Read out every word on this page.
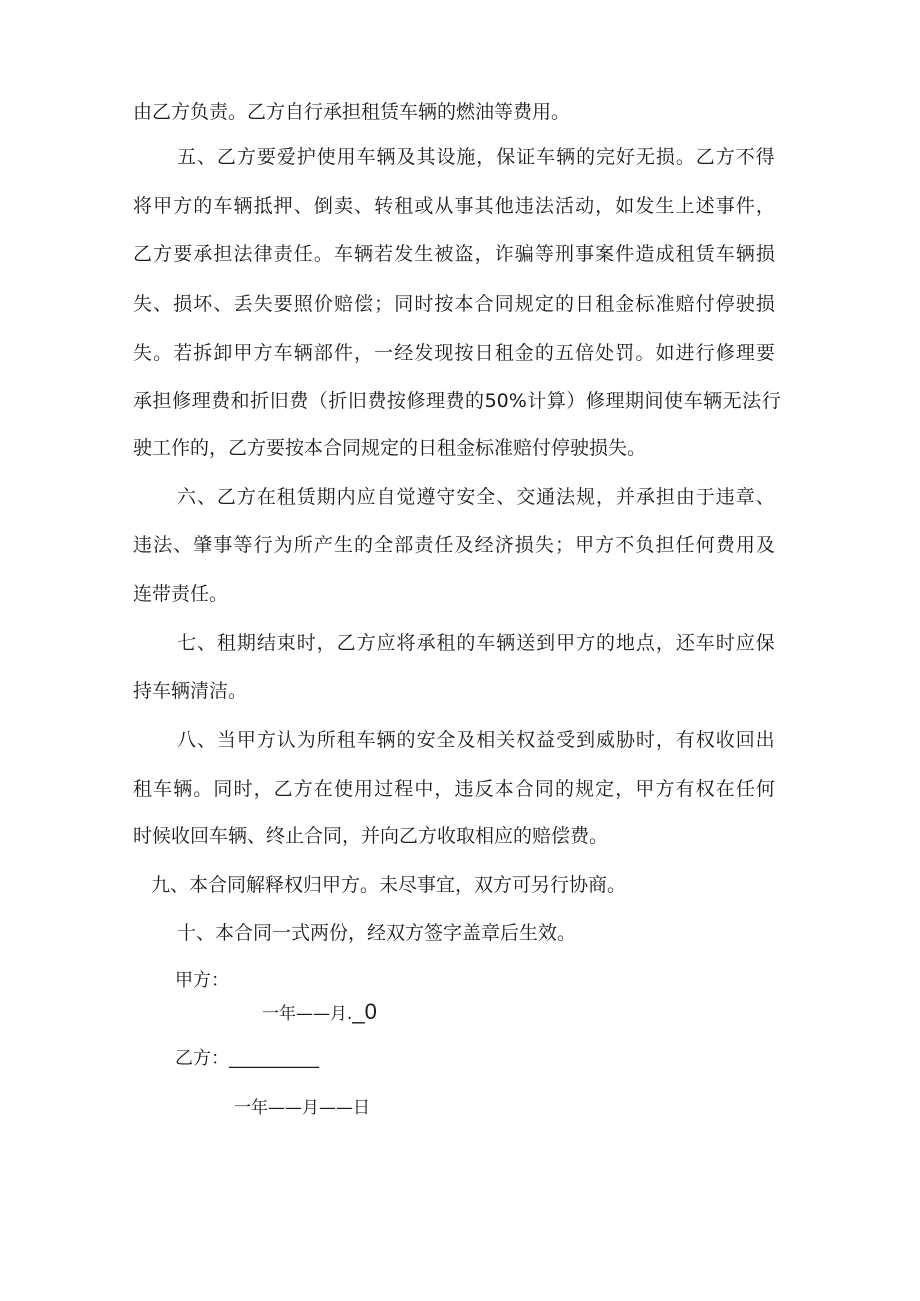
由乙方负责。乙方自行承担租赁车辆的燃油等费用。

五 、 乙 方 要 爱 护 使 用 车 辆 及 其 设 施 ， 保 证 车 辆 的 完 好 无 损 。 乙 方 不 得

将 甲 方 的 车 辆 抵 押 、 倒 卖 、 转 租 或 从 事 其 他 违 法 活 动 ， 如 发 生 上 述 事 件 ，

乙 方 要 承 担 法 律 责 任 。 车 辆 若 发 生 被 盗 ， 诈 骗 等 刑 事 案 件 造 成 租 赁 车 辆 损

失 、 损 坏 、 丢 失 要 照 价 赔 偿 ； 同 时 按 本 合 同 规 定 的 日 租 金 标 准 赔 付 停 驶 损

失 。 若 拆 卸 甲 方 车 辆 部 件 ， 一 经 发 现 按 日 租 金 的 五 倍 处 罚 。 如 进 行 修 理 要

承 担 修 理 费 和 折 旧 费 （ 折 旧 费 按 修 理 费 的 50% 计 算 ） 修 理 期 间 使 车 辆 无 法 行

驶工作的，乙方要按本合同规定的日租金标准赔付停驶损失。

六 、 乙 方 在 租 赁 期 内 应 自 觉 遵 守 安 全 、 交 通 法 规 ， 并 承 担 由 于 违 章 、

违 法 、 肇 事 等 行 为 所 产 生 的 全 部 责 任 及 经 济 损 失 ； 甲 方 不 负 担 任 何 费 用 及

连带责任。

七 、 租 期 结 束 时 ， 乙 方 应 将 承 租 的 车 辆 送 到 甲 方 的 地 点 ， 还 车 时 应 保

持车辆清洁。

八 、 当 甲 方 认 为 所 租 车 辆 的 安 全 及 相 关 权 益 受 到 威 胁 时 ， 有 权 收 回 出

租 车 辆 。 同 时 ， 乙 方 在 使 用 过 程 中 ， 违 反 本 合 同 的 规 定 ， 甲 方 有 权 在 任 何

时候收回车辆、终止合同，并向乙方收取相应的赔偿费。

九、本合同解释权归甲方。未尽事宜，双方可另行协商。

十、本合同一式两份，经双方签字盖章后生效。

甲方：

一年——月._0

乙方：__________

一年——月——日
